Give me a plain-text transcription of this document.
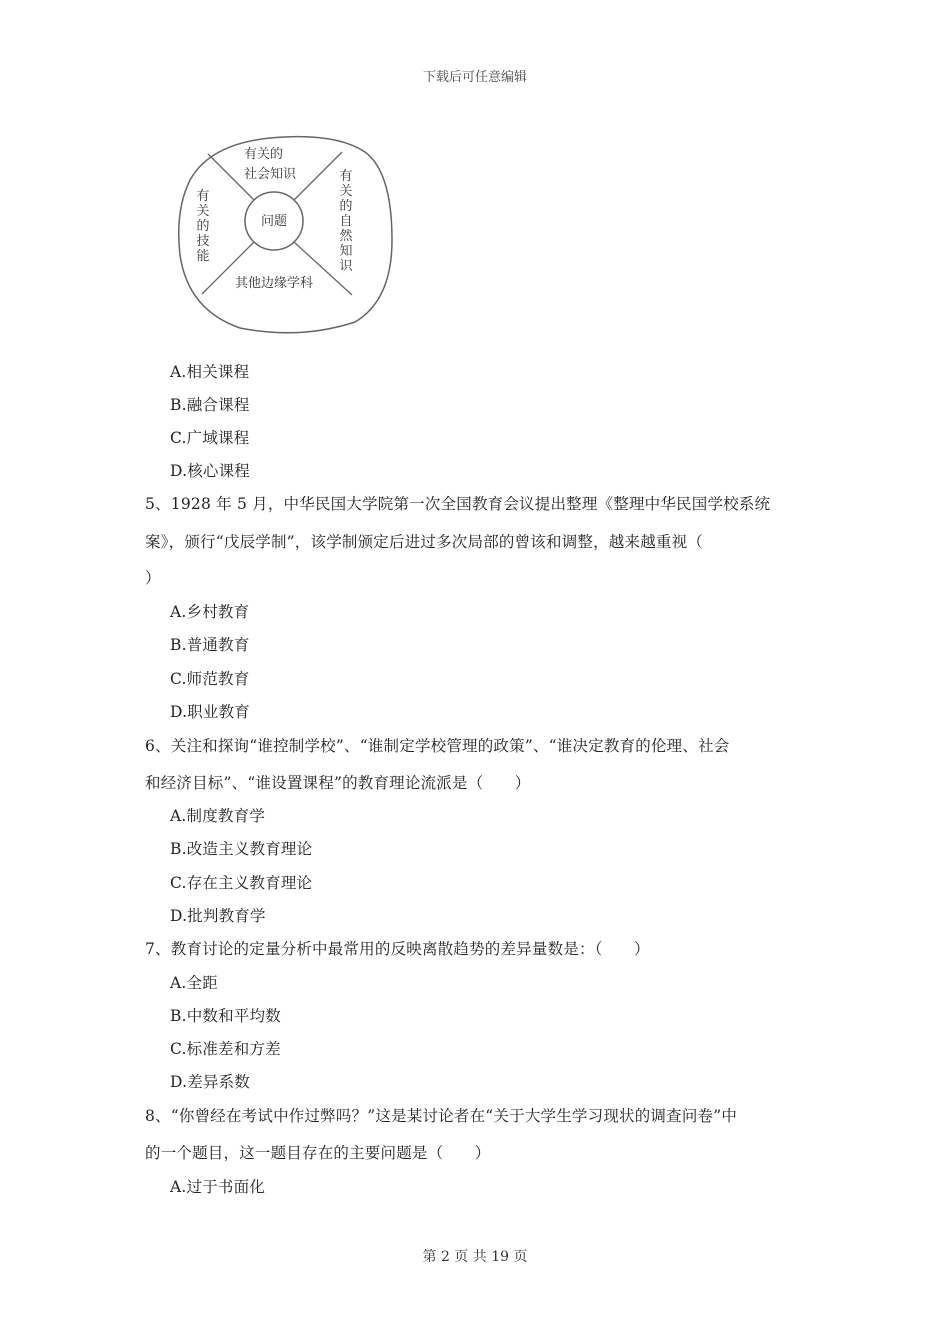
下载后可任意编辑
问题
有关的
社会知识
其他边缘学科
有
关
的
技
能
有
关
的
自
然
知
识
A.相关课程
B.融合课程
C.广域课程
D.核心课程
5、1928 年 5 月，中华民国大学院第一次全国教育会议提出整理《整理中华民国学校系统
案》，颁行“戊辰学制”，该学制颁定后进过多次局部的曾该和调整，越来越重视（
）
A.乡村教育
B.普通教育
C.师范教育
D.职业教育
6、关注和探询“谁控制学校”、“谁制定学校管理的政策”、“谁决定教育的伦理、社会
和经济目标”、“谁设置课程”的教育理论流派是（　　）
A.制度教育学
B.改造主义教育理论
C.存在主义教育理论
D.批判教育学
7、教育讨论的定量分析中最常用的反映离散趋势的差异量数是：（　　）
A.全距
B.中数和平均数
C.标准差和方差
D.差异系数
8、“你曾经在考试中作过弊吗？”这是某讨论者在“关于大学生学习现状的调查问卷”中
的一个题目，这一题目存在的主要问题是（　　）
A.过于书面化
第 2 页 共 19 页
